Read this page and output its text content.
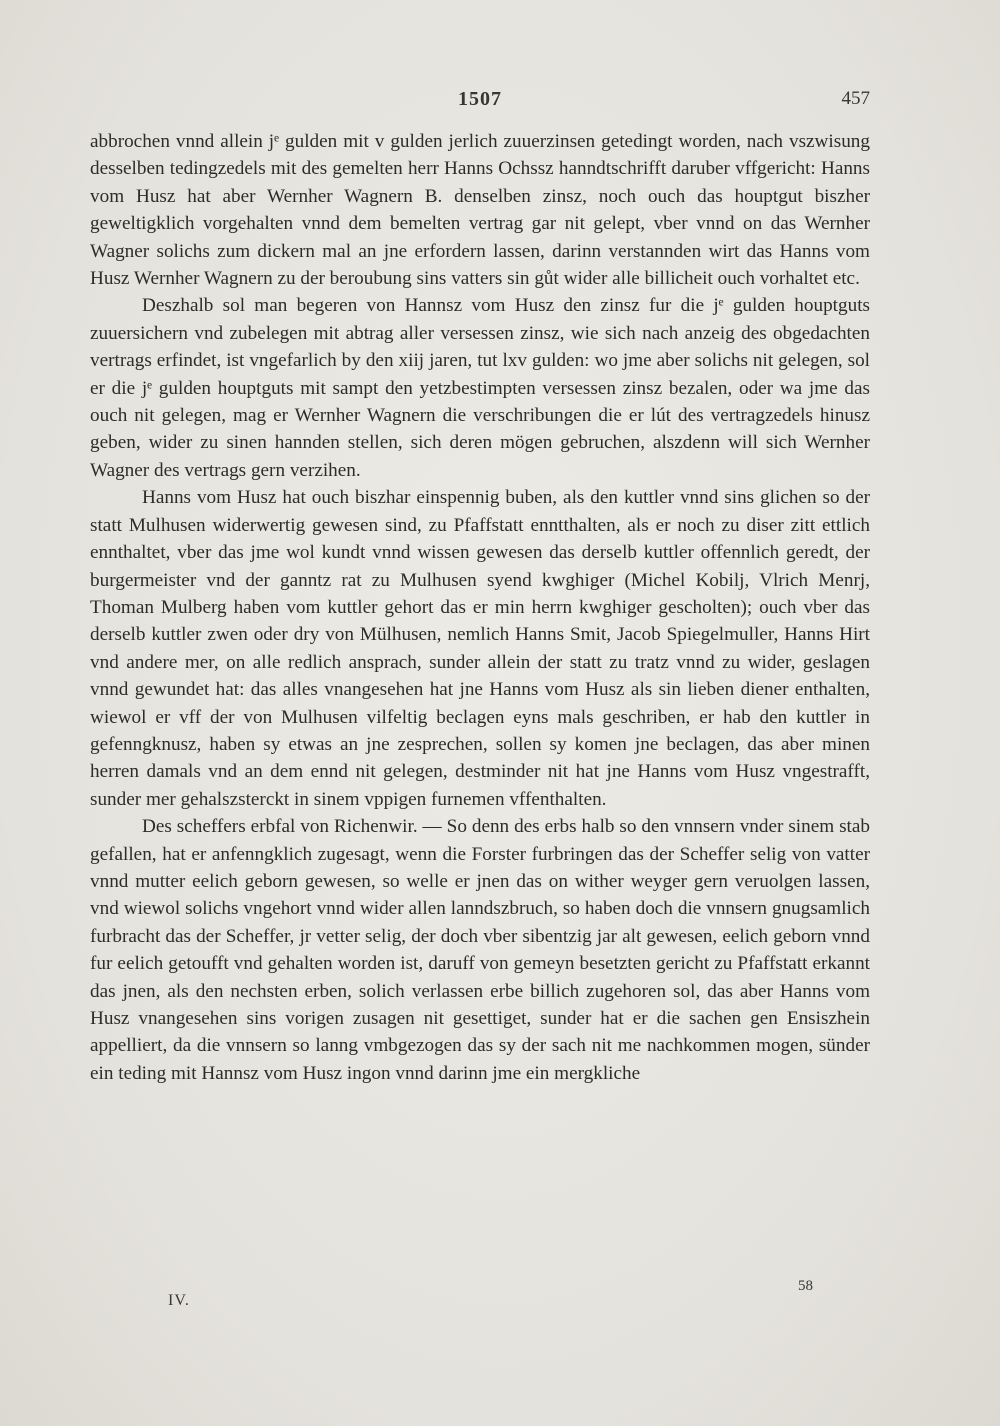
1507	457

abbrochen vnnd allein jᵉ gulden mit v gulden jerlich zuuerzinsen getedingt worden, nach vszwisung desselben tedingzedels mit des gemelten herr Hanns Ochssz hanndtschrifft daruber vffgericht: Hanns vom Husz hat aber Wernher Wagnern B. denselben zinsz, noch ouch das houptgut biszher geweltigklich vorgehalten vnnd dem bemelten vertrag gar nit gelept, vber vnnd on das Wernher Wagner solichs zum dickern mal an jne erfordern lassen, darinn verstannden wirt das Hanns vom Husz Wernher Wagnern zu der beroubung sins vatters sin gůt wider alle billicheit ouch vorhaltet etc.

Deszhalb sol man begeren von Hannsz vom Husz den zinsz fur die jᵉ gulden houptguts zuuersichern vnd zubelegen mit abtrag aller versessen zinsz, wie sich nach anzeig des obgedachten vertrags erfindet, ist vngefarlich by den xiij jaren, tut lxv gulden: wo jme aber solichs nit gelegen, sol er die jᵉ gulden houptguts mit sampt den yetzbestimpten versessen zinsz bezalen, oder wa jme das ouch nit gelegen, mag er Wernher Wagnern die verschribungen die er lút des vertragzedels hinusz geben, wider zu sinen hannden stellen, sich deren mögen gebruchen, alszdenn will sich Wernher Wagner des vertrags gern verzihen.

Hanns vom Husz hat ouch biszhar einspennig buben, als den kuttler vnnd sins glichen so der statt Mulhusen widerwertig gewesen sind, zu Pfaffstatt enntthalten, als er noch zu diser zitt ettlich ennthaltet, vber das jme wol kundt vnnd wissen gewesen das derselb kuttler offennlich geredt, der burgermeister vnd der ganntz rat zu Mulhusen syend kwghiger (Michel Kobilj, Vlrich Menrj, Thoman Mulberg haben vom kuttler gehort das er min herrn kwghiger gescholten); ouch vber das derselb kuttler zwen oder dry von Mülhusen, nemlich Hanns Smit, Jacob Spiegelmuller, Hanns Hirt vnd andere mer, on alle redlich ansprach, sunder allein der statt zu tratz vnnd zu wider, geslagen vnnd gewundet hat: das alles vnangesehen hat jne Hanns vom Husz als sin lieben diener enthalten, wiewol er vff der von Mulhusen vilfeltig beclagen eyns mals geschriben, er hab den kuttler in gefenngknusz, haben sy etwas an jne zesprechen, sollen sy komen jne beclagen, das aber minen herren damals vnd an dem ennd nit gelegen, destminder nit hat jne Hanns vom Husz vngestrafft, sunder mer gehalszsterckt in sinem vppigen furnemen vffenthalten.

Des scheffers erbfal von Richenwir. — So denn des erbs halb so den vnnsern vnder sinem stab gefallen, hat er anfenngklich zugesagt, wenn die Forster furbringen das der Scheffer selig von vatter vnnd mutter eelich geborn gewesen, so welle er jnen das on wither weyger gern veruolgen lassen, vnd wiewol solichs vngehort vnnd wider allen lanndszbruch, so haben doch die vnnsern gnugsamlich furbracht das der Scheffer, jr vetter selig, der doch vber sibentzig jar alt gewesen, eelich geborn vnnd fur eelich getoufft vnd gehalten worden ist, daruff von gemeyn besetzten gericht zu Pfaffstatt erkannt das jnen, als den nechsten erben, solich verlassen erbe billich zugehoren sol, das aber Hanns vom Husz vnangesehen sins vorigen zusagen nit gesettiget, sunder hat er die sachen gen Ensiszhein appelliert, da die vnnsern so lanng vmbgezogen das sy der sach nit me nachkommen mogen, sünder ein teding mit Hannsz vom Husz ingon vnnd darinn jme ein mergkliche

IV.
58
